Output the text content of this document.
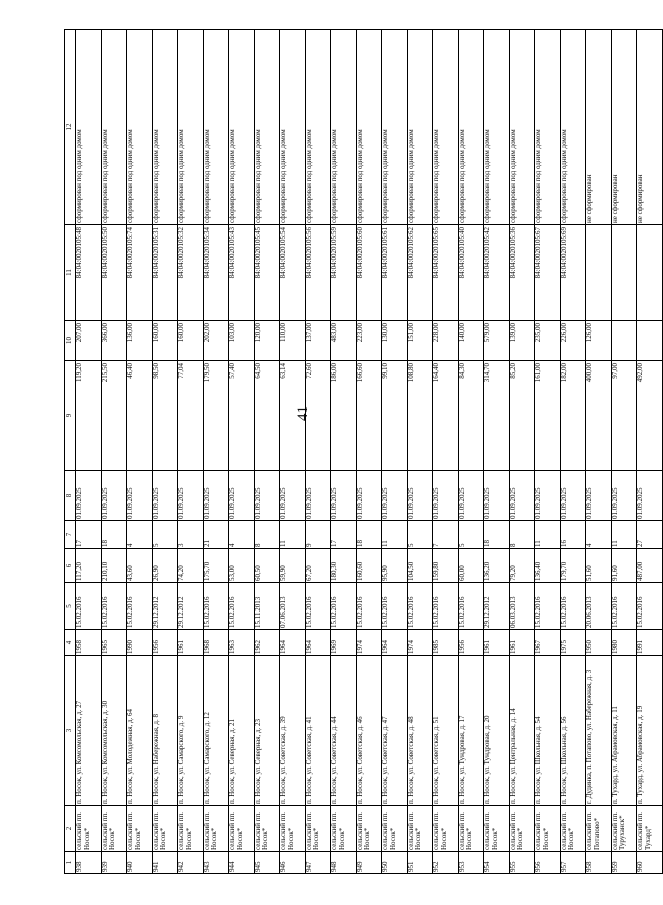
41
1	2	3	4	5	6	7	8	9	10	11	12
938	сельский пп. Носок*	п. Носок, ул. Комсомольская, д. 27	1958	15.02.2016	117,20	17	01.09.2025	119,20	207,00	84:04:0020105:48	сформирован под одним домом
939	сельский пп. Носок*	п. Носок, ул. Комсомольская, д. 30	1965	15.02.2016	210,10	18	01.09.2025	215,50	366,00	84:04:0020105:50	сформирован под одним домом
940	сельский пп. Носок*	п. Носок, ул. Молодежная, д. 64	1990	15.02.2016	43,60	4	01.09.2025	46,40	136,00	84:04:0020105:74	сформирован под одним домом
941	сельский пп. Носок*	п. Носок, ул. Набережная, д. 8	1956	29.12.2012	26,90	5	01.09.2025	98,50	160,00	84:04:0020105:31	сформирован под одним домом
942	сельский пп. Носок*	п. Носок, ул. Самарского, д. 9	1961	29.12.2012	74,20	3	01.09.2025	77,04	160,00	84:04:0020105:32	сформирован под одним домом
943	сельский пп. Носок*	п. Носок, ул. Самарского, д. 12	1968	15.02.2016	175,70	21	01.09.2025	179,50	202,00	84:04:0020105:34	сформирован под одним домом
944	сельский пп. Носок*	п. Носок, ул. Северная, д. 21	1963	15.02.2016	53,00	4	01.09.2025	57,40	103,00	84:04:0020105:43	сформирован под одним домом
945	сельский пп. Носок*	п. Носок, ул. Северная, д. 23	1962	15.11.2013	60,50	8	01.09.2025	64,50	120,00	84:04:0020105:45	сформирован под одним домом
946	сельский пп. Носок*	п. Носок, ул. Советская, д. 39	1964	07.06.2013	59,90	11	01.09.2025	63,14	110,00	84:04:0020105:54	сформирован под одним домом
947	сельский пп. Носок*	п. Носок, ул. Советская, д. 41	1964	15.02.2016	67,20	9	01.09.2025	72,60	137,00	84:04:0020105:56	сформирован под одним домом
948	сельский пп. Носок*	п. Носок, ул. Советская, д. 44	1969	15.02.2016	180,30	17	01.09.2025	186,00	483,00	84:04:0020105:59	сформирован под одним домом
949	сельский пп. Носок*	п. Носок, ул. Советская, д. 46	1974	15.02.2016	160,60	18	01.09.2025	166,60	223,00	84:04:0020105:60	сформирован под одним домом
950	сельский пп. Носок*	п. Носок, ул. Советская, д. 47	1964	15.02.2016	95,90	11	01.09.2025	99,10	130,00	84:04:0020105:61	сформирован под одним домом
951	сельский пп. Носок*	п. Носок, ул. Советская, д. 48	1974	15.02.2016	104,50	5	01.09.2025	108,80	151,00	84:04:0020105:62	сформирован под одним домом
952	сельский пп. Носок*	п. Носок, ул. Советская, д. 51	1985	15.02.2016	159,80	7	01.09.2025	164,40	228,00	84:04:0020105:65	сформирован под одним домом
953	сельский пп. Носок*	п. Носок, ул. Тундровая, д. 17	1956	15.02.2016	60,00	5	01.09.2025	84,30	140,00	84:04:0020105:40	сформирован под одним домом
954	сельский пп. Носок*	п. Носок, ул. Тундровая, д. 20	1961	29.12.2012	136,20	18	01.09.2025	314,70	579,00	84:04:0020105:42	сформирован под одним домом
955	сельский пп. Носок*	п. Носок, ул. Центральная, д. 14	1961	06.03.2013	79,20	8	01.09.2025	85,20	139,00	84:04:0020105:36	сформирован под одним домом
956	сельский пп. Носок*	п. Носок, ул. Школьная, д. 54	1967	15.02.2016	136,40	11	01.09.2025	161,00	235,00	84:04:0020105:67	сформирован под одним домом
957	сельский пп. Носок*	п. Носок, ул. Школьная, д. 56	1975	15.02.2016	179,70	16	01.09.2025	182,00	226,00	84:04:0020105:69	сформирован под одним домом
958	сельский пп. Потапово*	г. Дудинка, п. Потапово, ул. Набережная, д. 3	1950	20.06.2013	51,60	4	01.09.2025	400,00	126,00		не сформирован
959	сельский пп. Туруханск*	п. Тухард, ул. Абрамовская, д. 11	1980	15.02.2016	91,60	11	01.09.2025	97,00			не сформирован
960	сельский пп. Тухард*	п. Тухард, ул. Абрамовская, д. 19	1991	15.02.2016	487,00	27	01.09.2025	492,00			не сформирован
